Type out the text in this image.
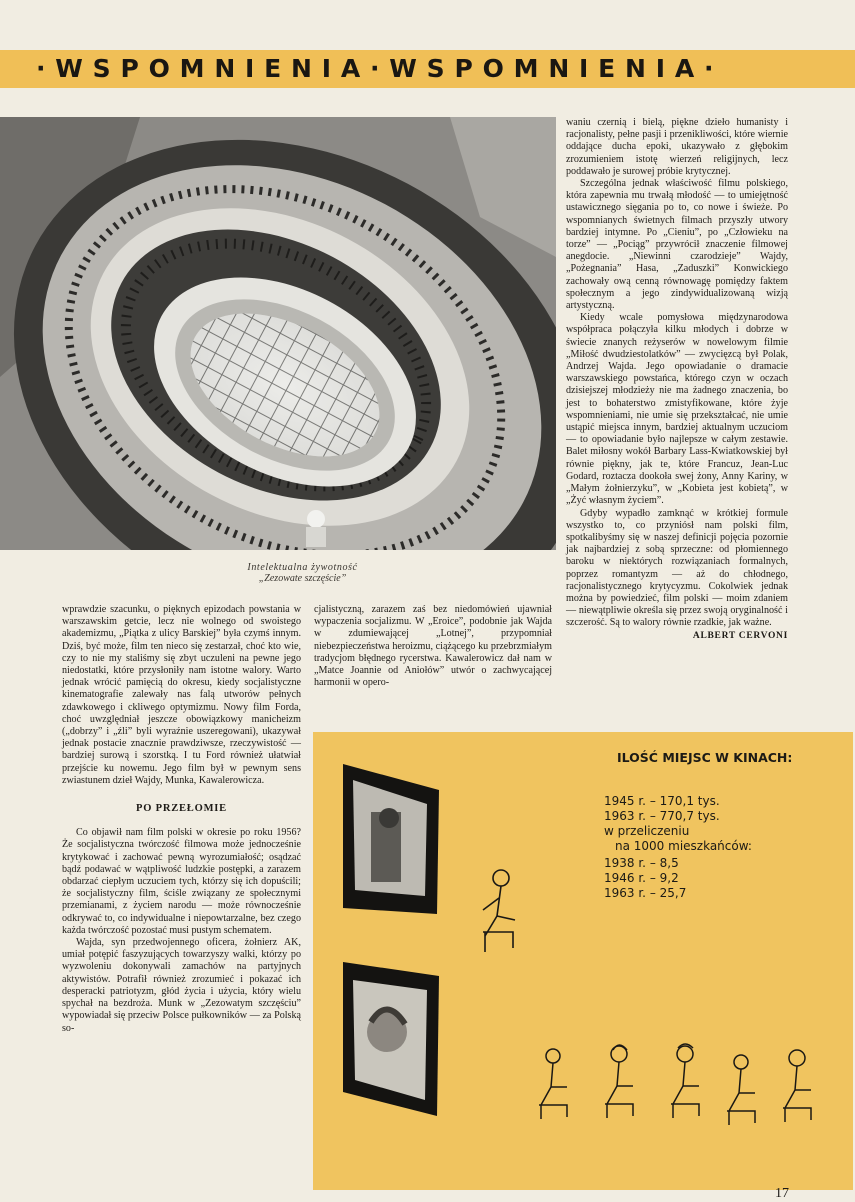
·WSPOMNIENIA·WSPOMNIENIA·
Intelektualna żywotność
„Zezowate szczęście”

waniu czernią i bielą, piękne dzieło humanisty i racjonalisty, pełne pasji i przenikliwości, które wiernie oddające ducha epoki, ukazywało z głębokim zrozumieniem istotę wierzeń religijnych, lecz poddawało je surowej próbie krytycznej.

Szczególna jednak właściwość filmu polskiego, która zapewnia mu trwałą młodość — to umiejętność ustawicznego sięgania po to, co nowe i świeże. Po wspomnianych świetnych filmach przyszły utwory bardziej intymne. Po „Cieniu”, po „Człowieku na torze” — „Pociąg” przywrócił znaczenie filmowej anegdocie. „Niewinni czarodzieje” Wajdy, „Pożegnania” Hasa, „Zaduszki” Konwickiego zachowały ową cenną równowagę pomiędzy faktem społecznym a jego zindywidualizowaną wizją artystyczną.

Kiedy wcale pomysłowa międzynarodowa współpraca połączyła kilku młodych i dobrze w świecie znanych reżyserów w nowelowym filmie „Miłość dwudziestolatków” — zwycięzcą był Polak, Andrzej Wajda. Jego opowiadanie o dramacie warszawskiego powstańca, którego czyn w oczach dzisiejszej młodzieży nie ma żadnego znaczenia, bo jest to bohaterstwo zmistyfikowane, które żyje wspomnieniami, nie umie się przekształcać, nie umie ustąpić miejsca innym, bardziej aktualnym uczuciom — to opowiadanie było najlepsze w całym zestawie. Balet miłosny wokół Barbary Lass-Kwiatkowskiej był równie piękny, jak te, które Francuz, Jean-Luc Godard, roztacza dookoła swej żony, Anny Kariny, w „Małym żołnierzyku”, w „Kobieta jest kobietą”, w „Żyć własnym życiem”.

Gdyby wypadło zamknąć w krótkiej formule wszystko to, co przyniósł nam polski film, spotkalibyśmy się w naszej definicji pojęcia pozornie jak najbardziej z sobą sprzeczne: od płomiennego baroku w niektórych rozwiązaniach formalnych, poprzez romantyzm — aż do chłodnego, racjonalistycznego krytycyzmu. Cokolwiek jednak można by powiedzieć, film polski — moim zdaniem — niewątpliwie określa się przez swoją oryginalność i szczerość. Są to walory równie rzadkie, jak ważne.

ALBERT CERVONI

wprawdzie szacunku, o pięknych epizodach powstania w warszawskim getcie, lecz nie wolnego od swoistego akademizmu, „Piątka z ulicy Barskiej” była czymś innym. Dziś, być może, film ten nieco się zestarzał, choć kto wie, czy to nie my staliśmy się zbyt uczuleni na pewne jego niedostatki, które przysłoniły nam istotne walory. Warto jednak wrócić pamięcią do okresu, kiedy socjalistyczne kinematografie zalewały nas falą utworów pełnych zdawkowego i ckliwego optymizmu. Nowy film Forda, choć uwzględniał jeszcze obowiązkowy manicheizm („dobrzy” i „źli” byli wyraźnie uszeregowani), ukazywał jednak postacie znacznie prawdziwsze, rzeczywistość — bardziej surową i szorstką. I tu Ford również ułatwiał przejście ku nowemu. Jego film był w pewnym sens zwiastunem dzieł Wajdy, Munka, Kawalerowicza.

PO PRZEŁOMIE

Co objawił nam film polski w okresie po roku 1956? Że socjalistyczna twórczość filmowa może jednocześnie krytykować i zachować pewną wyrozumiałość; osądzać bądź podawać w wątpliwość ludzkie postępki, a zarazem obdarzać ciepłym uczuciem tych, którzy się ich dopuścili; że socjalistyczny film, ściśle związany ze społecznymi przemianami, z życiem narodu — może równocześnie odkrywać to, co indywidualne i niepowtarzalne, bez czego każda twórczość pozostać musi pustym schematem.

Wajda, syn przedwojennego oficera, żołnierz AK, umiał potępić faszyzujących towarzyszy walki, którzy po wyzwoleniu dokonywali zamachów na partyjnych aktywistów. Potrafił również zrozumieć i pokazać ich desperacki patriotyzm, głód życia i użycia, który wielu spychał na bezdroża. Munk w „Zezowatym szczęściu” wypowiadał się przeciw Polsce pułkowników — za Polską so-

cjalistyczną, zarazem zaś bez niedomówień ujawniał wypaczenia socjalizmu. W „Eroice”, podobnie jak Wajda w zdumiewającej „Lotnej”, przypomniał niebezpieczeństwa heroizmu, ciążącego ku przebrzmiałym tradycjom błędnego rycerstwa. Kawalerowicz dał nam w „Matce Joannie od Aniołów” utwór o zachwycającej harmonii w opero-

ILOŚĆ MIEJSC W KINACH:
1945 r. – 170,1 tys.
1963 r. – 770,7 tys.
w przeliczeniu
na 1000 mieszkańców:
1938 r. – 8,5
1946 r. – 9,2
1963 r. – 25,7
17
